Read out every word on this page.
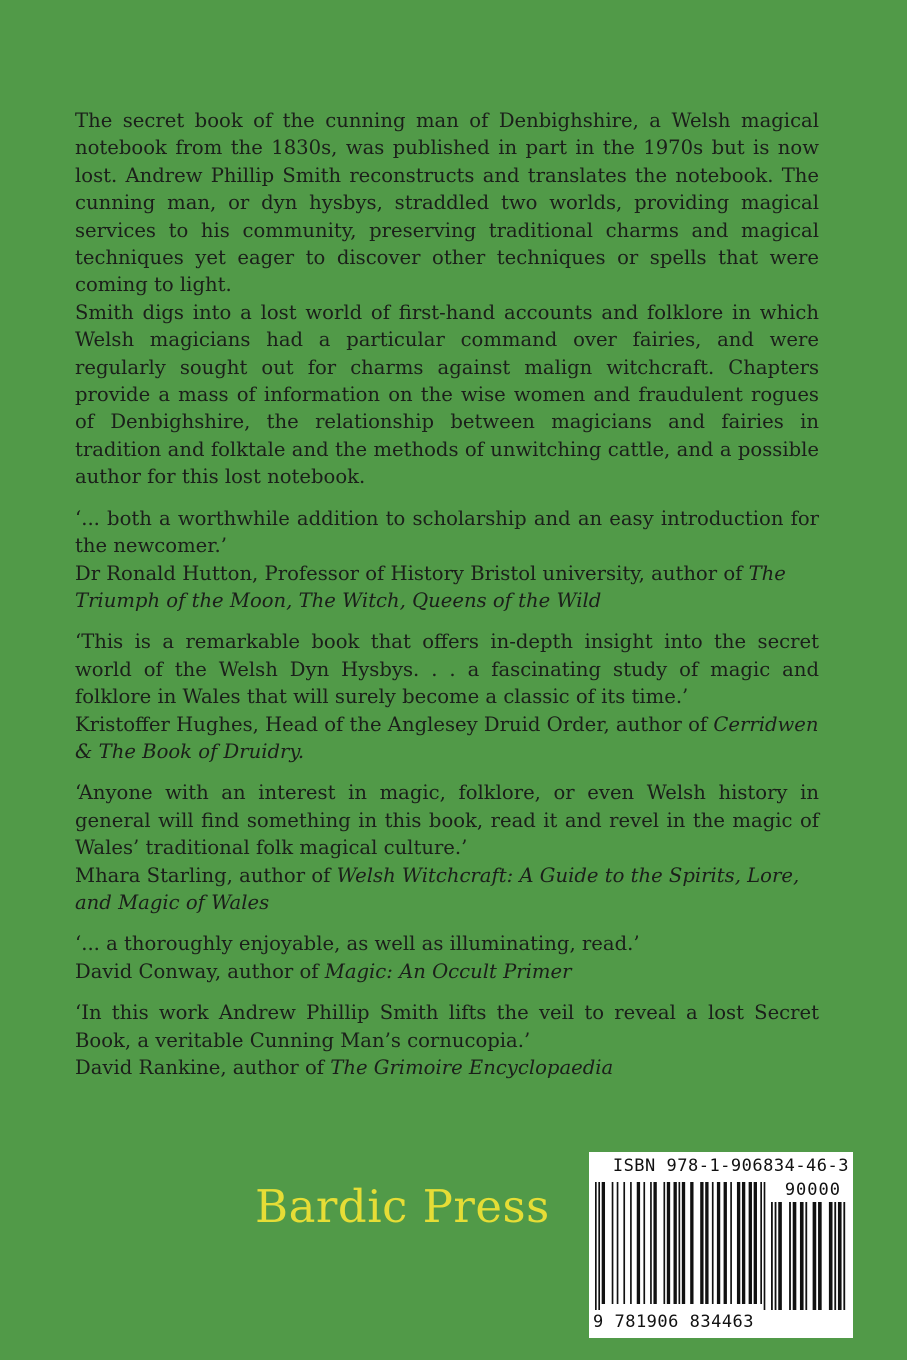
The secret book of the cunning man of Denbighshire, a Welsh magical notebook from the 1830s, was published in part in the 1970s but is now lost. Andrew Phillip Smith reconstructs and translates the notebook. The cunning man, or dyn hysbys, straddled two worlds, providing magical services to his community, preserving traditional charms and magical techniques yet eager to discover other techniques or spells that were coming to light.

Smith digs into a lost world of first-hand accounts and folklore in which Welsh magicians had a particular command over fairies, and were regularly sought out for charms against malign witchcraft. Chapters provide a mass of information on the wise women and fraudulent rogues of Denbighshire, the relationship between magicians and fairies in tradition and folktale and the methods of unwitching cattle, and a possible author for this lost notebook.

‘... both a worthwhile addition to scholarship and an easy introduction for the newcomer.’

Dr Ronald Hutton, Professor of History Bristol university, author of The Triumph of the Moon, The Witch, Queens of the Wild

‘This is a remarkable book that offers in-depth insight into the secret world of the Welsh Dyn Hysbys. . . a fascinating study of magic and folklore in Wales that will surely become a classic of its time.’

Kristoffer Hughes, Head of the Anglesey Druid Order, author of Cerridwen & The Book of Druidry.

‘Anyone with an interest in magic, folklore, or even Welsh history in general will find something in this book, read it and revel in the magic of Wales’ traditional folk magical culture.’

Mhara Starling, author of Welsh Witchcraft: A Guide to the Spirits, Lore, and Magic of Wales

‘... a thoroughly enjoyable, as well as illuminating, read.’

David Conway, author of Magic: An Occult Primer

‘In this work Andrew Phillip Smith lifts the veil to reveal a lost Secret Book, a veritable Cunning Man’s cornucopia.’

David Rankine, author of The Grimoire Encyclopaedia

Bardic Press
ISBN 978-1-906834-46-3
90000
9 781906 834463
